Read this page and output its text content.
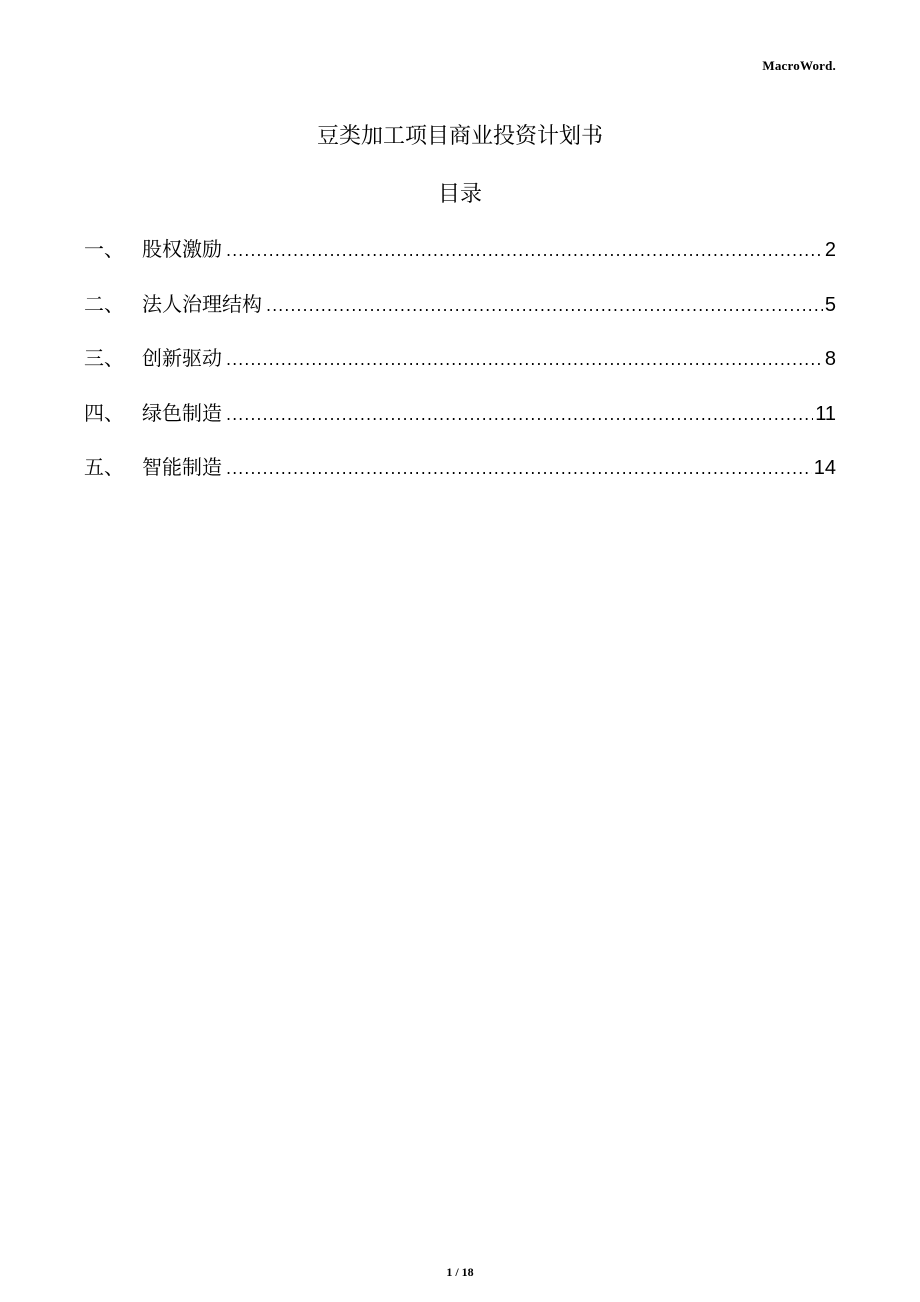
MacroWord.
豆类加工项目商业投资计划书
目录
一、 股权激励 .....	2
二、 法人治理结构 .....	5
三、 创新驱动 .....	8
四、 绿色制造 .....	11
五、 智能制造 .....	14
1 / 18
